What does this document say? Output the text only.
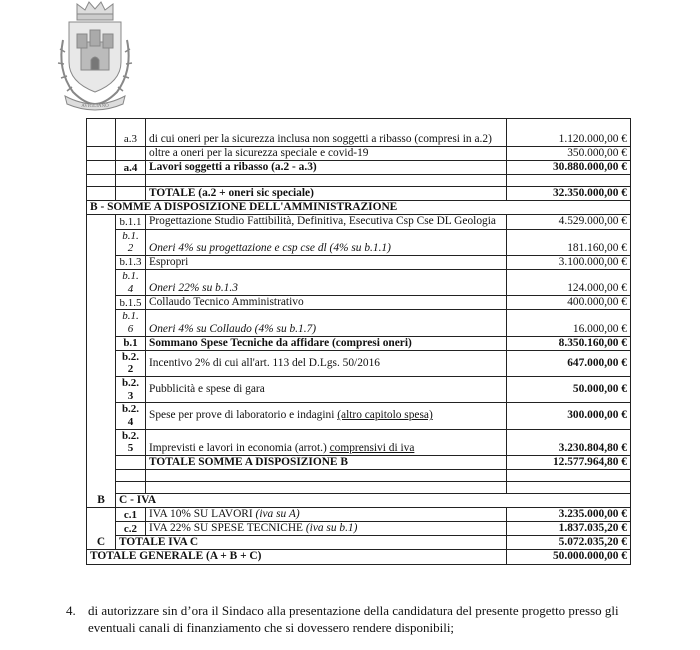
AVIGLIANO
	a.3	di cui oneri per la sicurezza inclusa non soggetti a ribasso (compresi in a.2)	1.120.000,00 €
		oltre a oneri per la sicurezza speciale e covid-19	350.000,00 €
	a.4	Lavori soggetti a ribasso (a.2 - a.3)	30.880.000,00 €

		TOTALE (a.2 + oneri sic speciale)	32.350.000,00 €
B - SOMME A DISPOSIZIONE DELL'AMMINISTRAZIONE			
B	b.1.1	Progettazione Studio Fattibilità, Definitiva, Esecutiva Csp Cse DL Geologia	4.529.000,00 €
	b.1.
2	Oneri 4% su progettazione e csp cse dl (4% su b.1.1)	181.160,00 €
	b.1.3	Espropri	3.100.000,00 €
	b.1.
4	Oneri 22% su b.1.3	124.000,00 €
	b.1.5	Collaudo Tecnico Amministrativo	400.000,00 €
	b.1.
6	Oneri 4% su Collaudo (4% su b.1.7)	16.000,00 €
	b.1	Sommano Spese Tecniche da affidare (compresi oneri)	8.350.160,00 €
	b.2.
2	Incentivo 2% di cui all'art. 113 del D.Lgs. 50/2016	647.000,00 €
	b.2.
3	Pubblicità e spese di gara	50.000,00 €
	b.2.
4	Spese per prove di laboratorio e indagini (altro capitolo spesa)	300.000,00 €
	b.2.
5	Imprevisti e lavori in economia (arrot.) comprensivi di iva	3.230.804,80 €
		TOTALE SOMME A DISPOSIZIONE B	12.577.964,80 €

	C - IVA		
C	c.1	IVA 10% SU LAVORI (iva su A)	3.235.000,00 €
	c.2	IVA 22% SU SPESE TECNICHE (iva su b.1)	1.837.035,20 €
	TOTALE IVA C		5.072.035,20 €
TOTALE GENERALE (A + B + C)			50.000.000,00 €
4. di autorizzare sin d’ora il Sindaco alla presentazione della candidatura del presente progetto presso gli eventuali canali di finanziamento che si dovessero rendere disponibili;
